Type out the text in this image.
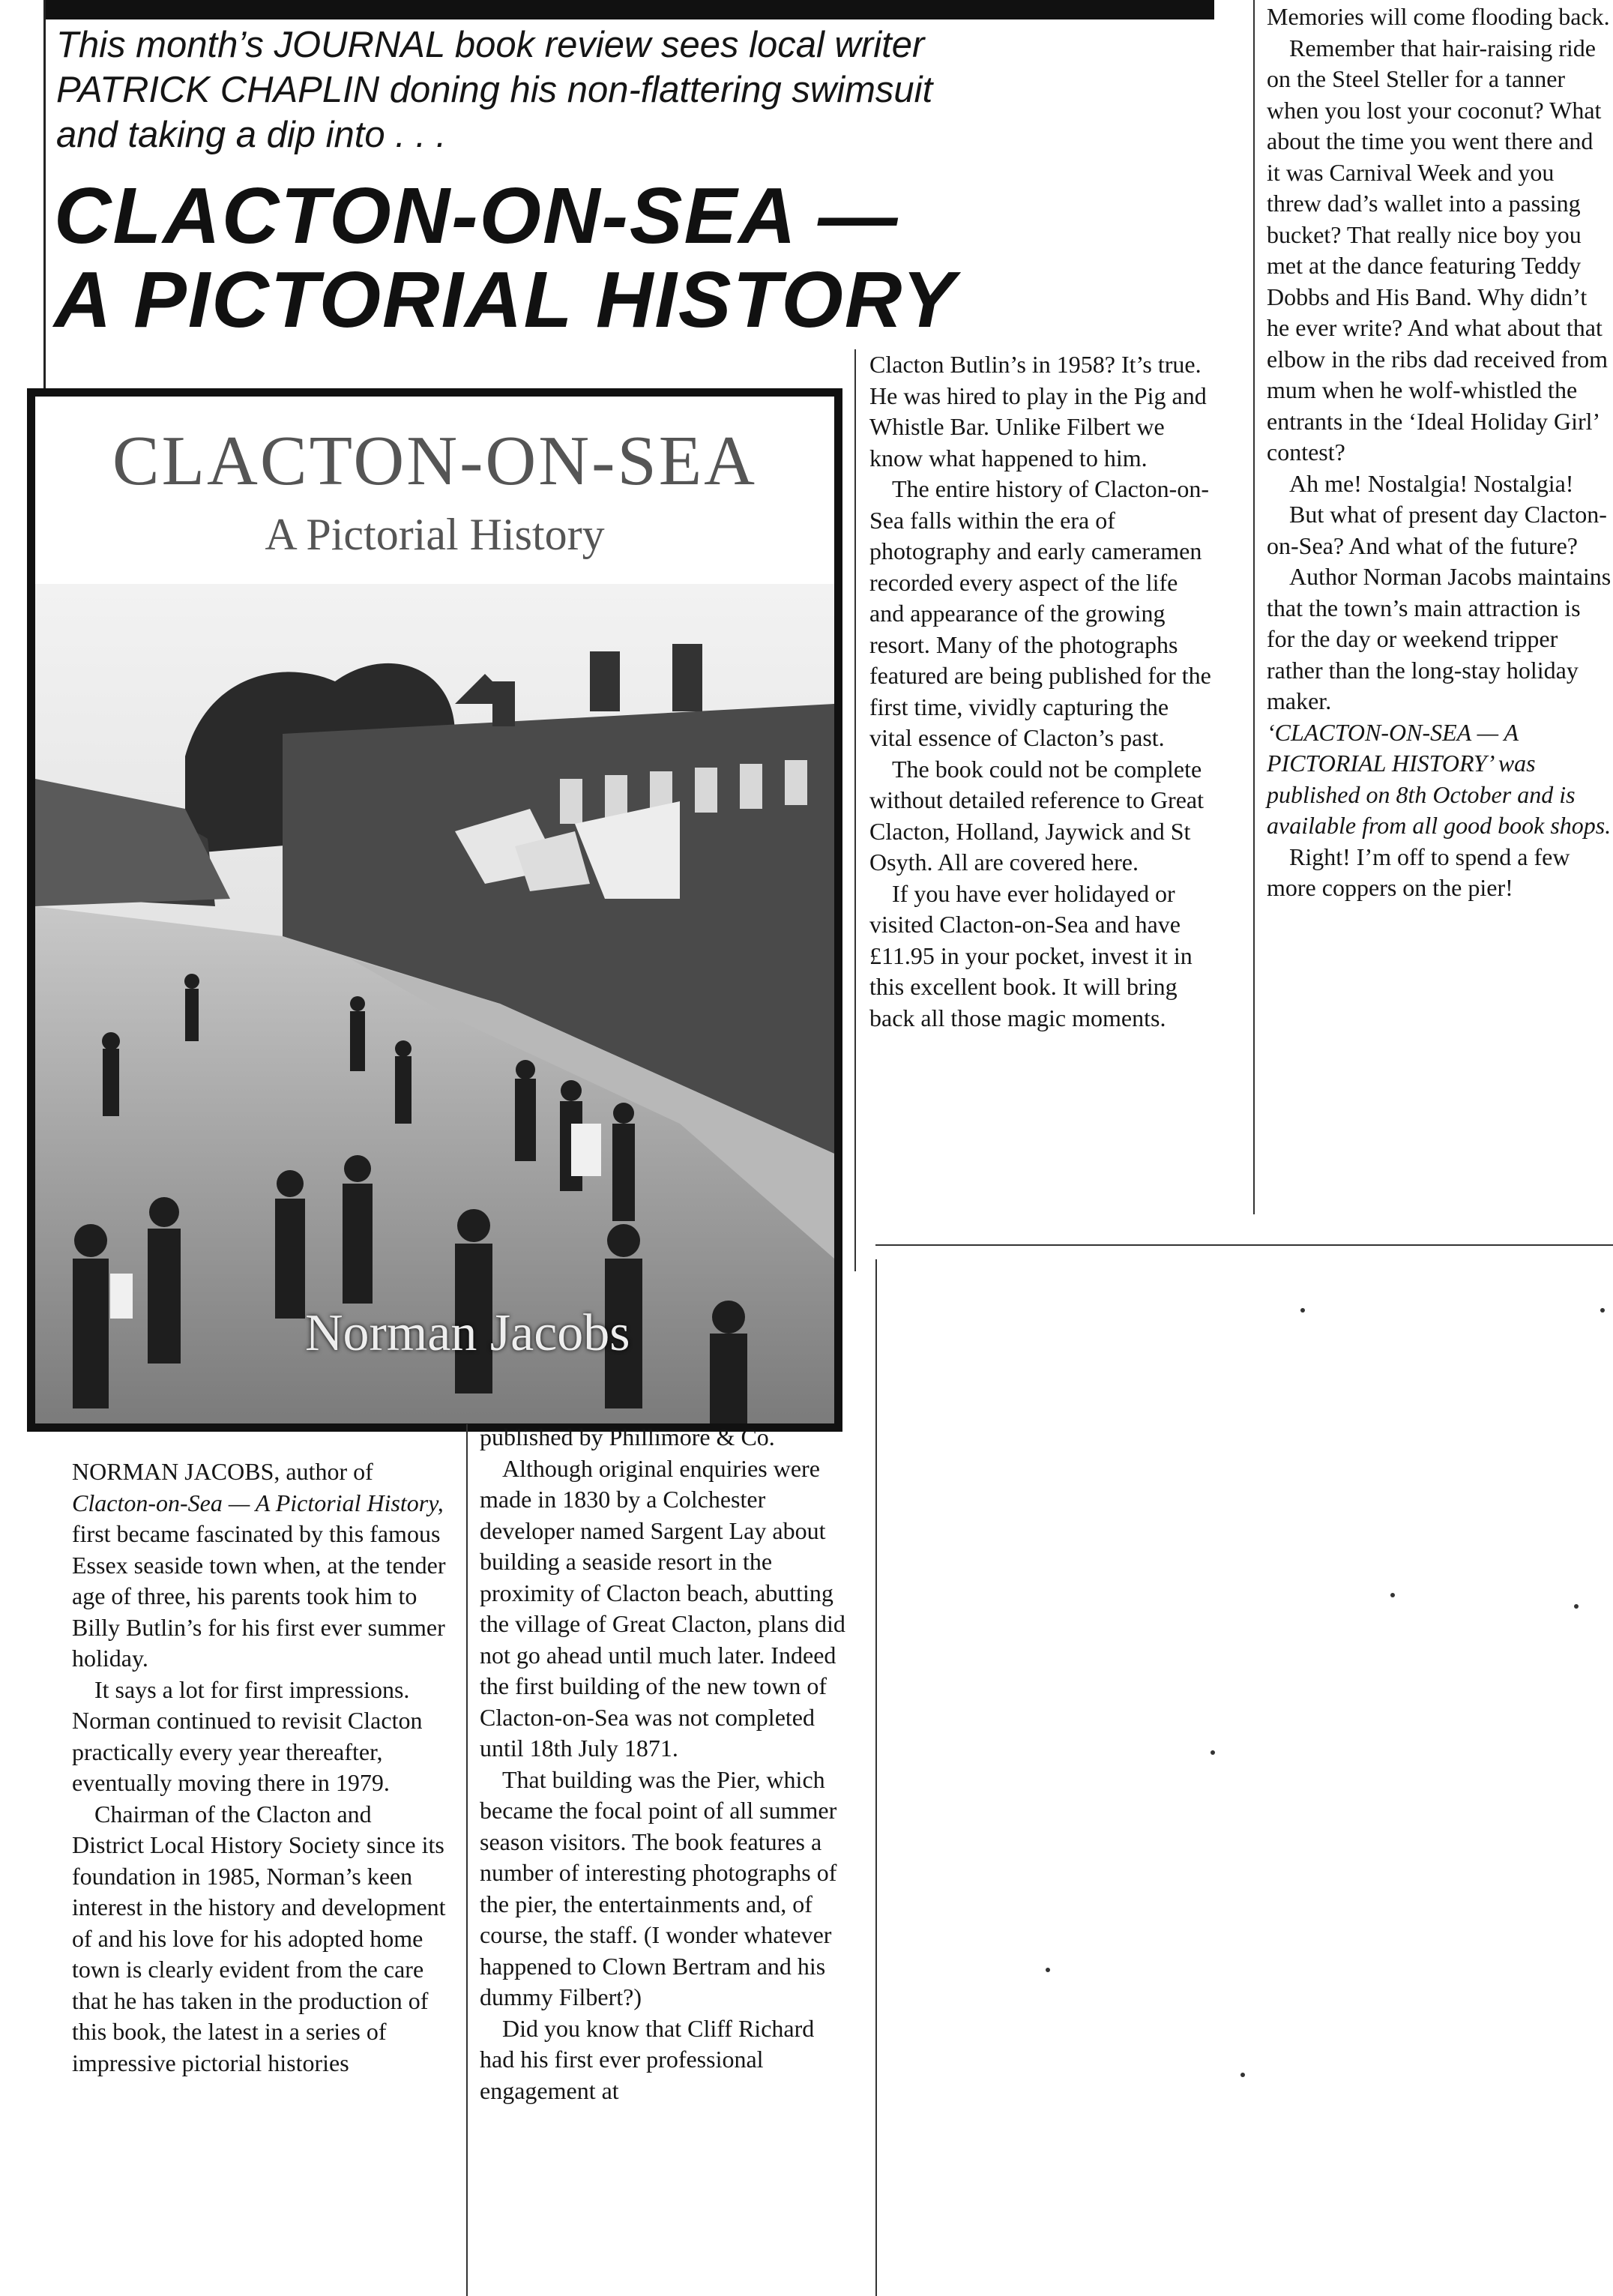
This month’s JOURNAL book review sees local writer
PATRICK CHAPLIN doning his non-flattering swimsuit
and taking a dip into . . .

CLACTON-ON-SEA —
A PICTORIAL HISTORY

CLACTON-ON-SEA

A Pictorial History

Norman Jacobs

NORMAN JACOBS, author of Clacton-on-Sea — A Pictorial History, first became fascinated by this famous Essex seaside town when, at the tender age of three, his parents took him to Billy Butlin’s for his first ever summer holiday.

It says a lot for first impressions. Norman continued to revisit Clacton practically every year thereafter, eventually moving there in 1979.

Chairman of the Clacton and District Local History Society since its foundation in 1985, Norman’s keen interest in the history and development of and his love for his adopted home town is clearly evident from the care that he has taken in the production of this book, the latest in a series of impressive pictorial histories

published by Phillimore & Co.

Although original enquiries were made in 1830 by a Colchester developer named Sargent Lay about building a seaside resort in the proximity of Clacton beach, abutting the village of Great Clacton, plans did not go ahead until much later. Indeed the first building of the new town of Clacton-on-Sea was not completed until 18th July 1871.

That building was the Pier, which became the focal point of all summer season visitors. The book features a number of interesting photographs of the pier, the entertainments and, of course, the staff. (I wonder whatever happened to Clown Bertram and his dummy Filbert?)

Did you know that Cliff Richard had his first ever professional engagement at

Clacton Butlin’s in 1958? It’s true. He was hired to play in the Pig and Whistle Bar. Unlike Filbert we know what happened to him.

The entire history of Clacton-on-Sea falls within the era of photography and early cameramen recorded every aspect of the life and appearance of the growing resort. Many of the photographs featured are being published for the first time, vividly capturing the vital essence of Clacton’s past.

The book could not be complete without detailed reference to Great Clacton, Holland, Jaywick and St Osyth. All are covered here.

If you have ever holidayed or visited Clacton-on-Sea and have £11.95 in your pocket, invest it in this excellent book. It will bring back all those magic moments.

Memories will come flooding back.

Remember that hair-raising ride on the Steel Steller for a tanner when you lost your coconut? What about the time you went there and it was Carnival Week and you threw dad’s wallet into a passing bucket? That really nice boy you met at the dance featuring Teddy Dobbs and His Band. Why didn’t he ever write? And what about that elbow in the ribs dad received from mum when he wolf-whistled the entrants in the ‘Ideal Holiday Girl’ contest?

Ah me! Nostalgia! Nostalgia!

But what of present day Clacton-on-Sea? And what of the future?

Author Norman Jacobs maintains that the town’s main attraction is for the day or weekend tripper rather than the long-stay holiday maker.

‘CLACTON-ON-SEA — A PICTORIAL HISTORY’ was published on 8th October and is available from all good book shops.

Right! I’m off to spend a few more coppers on the pier!
